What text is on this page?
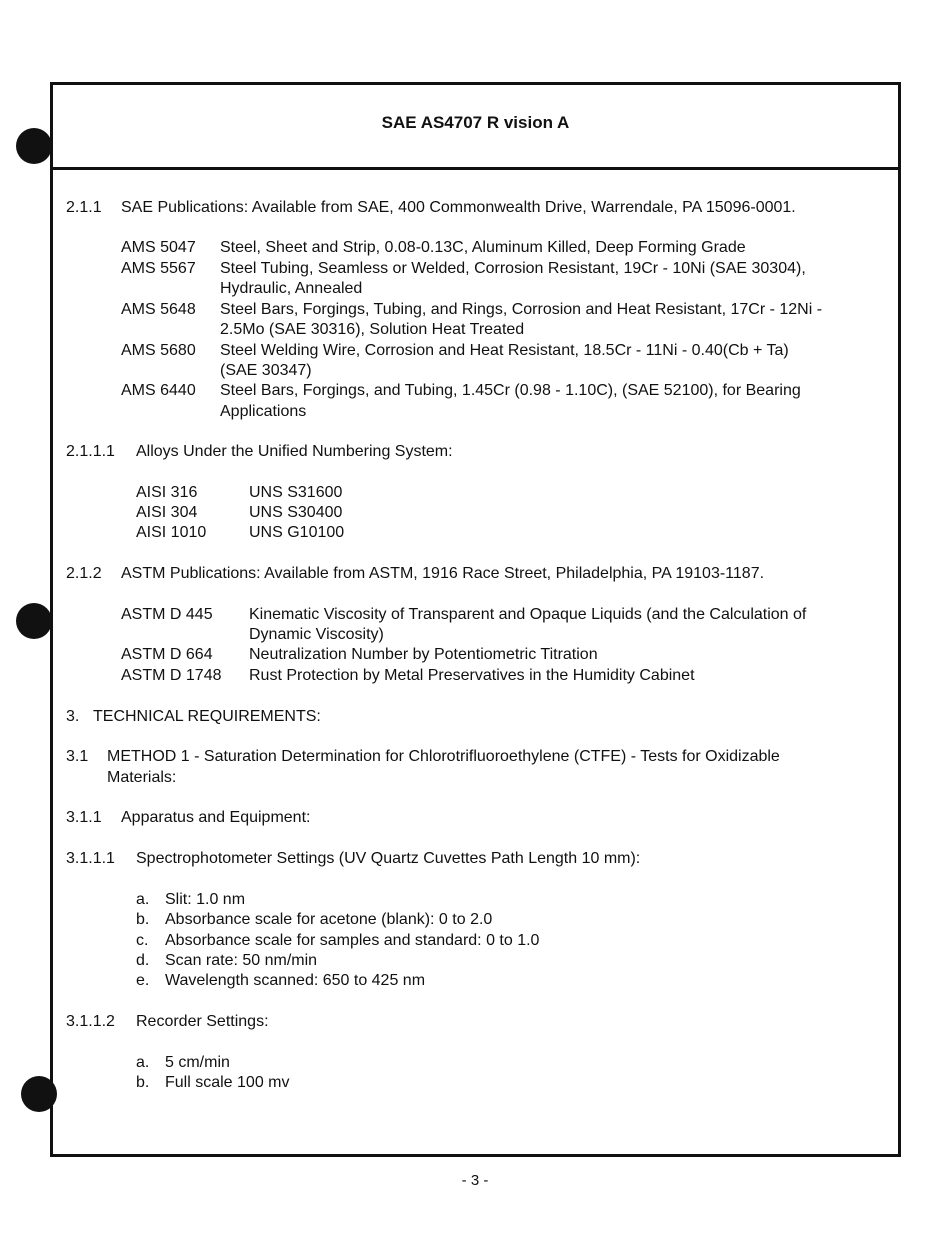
SAE AS4707 R vision A
2.1.1 SAE Publications: Available from SAE, 400 Commonwealth Drive, Warrendale, PA 15096-0001.
AMS 5047 Steel, Sheet and Strip, 0.08-0.13C, Aluminum Killed, Deep Forming Grade
AMS 5567 Steel Tubing, Seamless or Welded, Corrosion Resistant, 19Cr - 10Ni (SAE 30304),
Hydraulic, Annealed
AMS 5648 Steel Bars, Forgings, Tubing, and Rings, Corrosion and Heat Resistant, 17Cr - 12Ni -
2.5Mo (SAE 30316), Solution Heat Treated
AMS 5680 Steel Welding Wire, Corrosion and Heat Resistant, 18.5Cr - 11Ni - 0.40(Cb + Ta)
(SAE 30347)
AMS 6440 Steel Bars, Forgings, and Tubing, 1.45Cr (0.98 - 1.10C), (SAE 52100), for Bearing
Applications
2.1.1.1 Alloys Under the Unified Numbering System:
AISI 316	UNS S31600
AISI 304	UNS S30400
AISI 1010	UNS G10100
2.1.2 ASTM Publications: Available from ASTM, 1916 Race Street, Philadelphia, PA 19103-1187.
ASTM D 445 Kinematic Viscosity of Transparent and Opaque Liquids (and the Calculation of
Dynamic Viscosity)
ASTM D 664 Neutralization Number by Potentiometric Titration
ASTM D 1748 Rust Protection by Metal Preservatives in the Humidity Cabinet
3. TECHNICAL REQUIREMENTS:
3.1 METHOD 1 - Saturation Determination for Chlorotrifluoroethylene (CTFE) - Tests for Oxidizable
Materials:
3.1.1 Apparatus and Equipment:
3.1.1.1 Spectrophotometer Settings (UV Quartz Cuvettes Path Length 10 mm):
a. Slit: 1.0 nm
b. Absorbance scale for acetone (blank): 0 to 2.0
c. Absorbance scale for samples and standard: 0 to 1.0
d. Scan rate: 50 nm/min
e. Wavelength scanned: 650 to 425 nm
3.1.1.2 Recorder Settings:
a. 5 cm/min
b. Full scale 100 mv
- 3 -
